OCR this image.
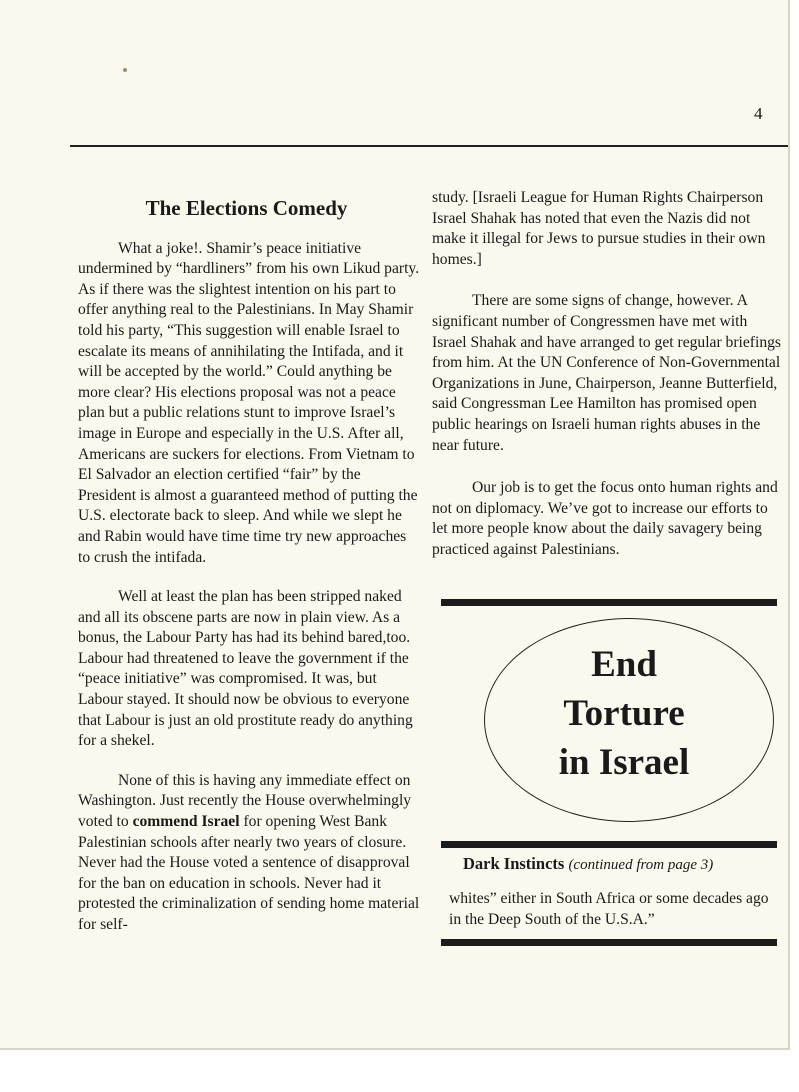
4
The Elections Comedy

What a joke!. Shamir’s peace initiative undermined by “hardliners” from his own Likud party. As if there was the slightest intention on his part to offer anything real to the Palestinians. In May Shamir told his party, “This suggestion will enable Israel to escalate its means of annihilating the Intifada, and it will be accepted by the world.” Could anything be more clear? His elections proposal was not a peace plan but a public relations stunt to improve Israel’s image in Europe and especially in the U.S. After all, Americans are suckers for elections. From Vietnam to El Salvador an election certified “fair” by the President is almost a guaranteed method of putting the U.S. electorate back to sleep. And while we slept he and Rabin would have time time try new approaches to crush the intifada.

Well at least the plan has been stripped naked and all its obscene parts are now in plain view. As a bonus, the Labour Party has had its behind bared,too. Labour had threatened to leave the government if the “peace initiative” was compromised. It was, but Labour stayed. It should now be obvious to everyone that Labour is just an old prostitute ready do anything for a shekel.

None of this is having any immediate effect on Washington. Just recently the House overwhelmingly voted to commend Israel for opening West Bank Palestinian schools after nearly two years of closure. Never had the House voted a sentence of disapproval for the ban on education in schools. Never had it protested the criminalization of sending home material for self-

study. [Israeli League for Human Rights Chairperson Israel Shahak has noted that even the Nazis did not make it illegal for Jews to pursue studies in their own homes.]

There are some signs of change, however. A significant number of Congressmen have met with Israel Shahak and have arranged to get regular briefings from him. At the UN Conference of Non-Governmental Organizations in June, Chairperson, Jeanne Butterfield, said Congressman Lee Hamilton has promised open public hearings on Israeli human rights abuses in the near future.

Our job is to get the focus onto human rights and not on diplomacy. We’ve got to increase our efforts to let more people know about the daily savagery being practiced against Palestinians.

End
Torture
in Israel
Dark Instincts (continued from page 3)
whites” either in South Africa or some decades ago in the Deep South of the U.S.A.”
